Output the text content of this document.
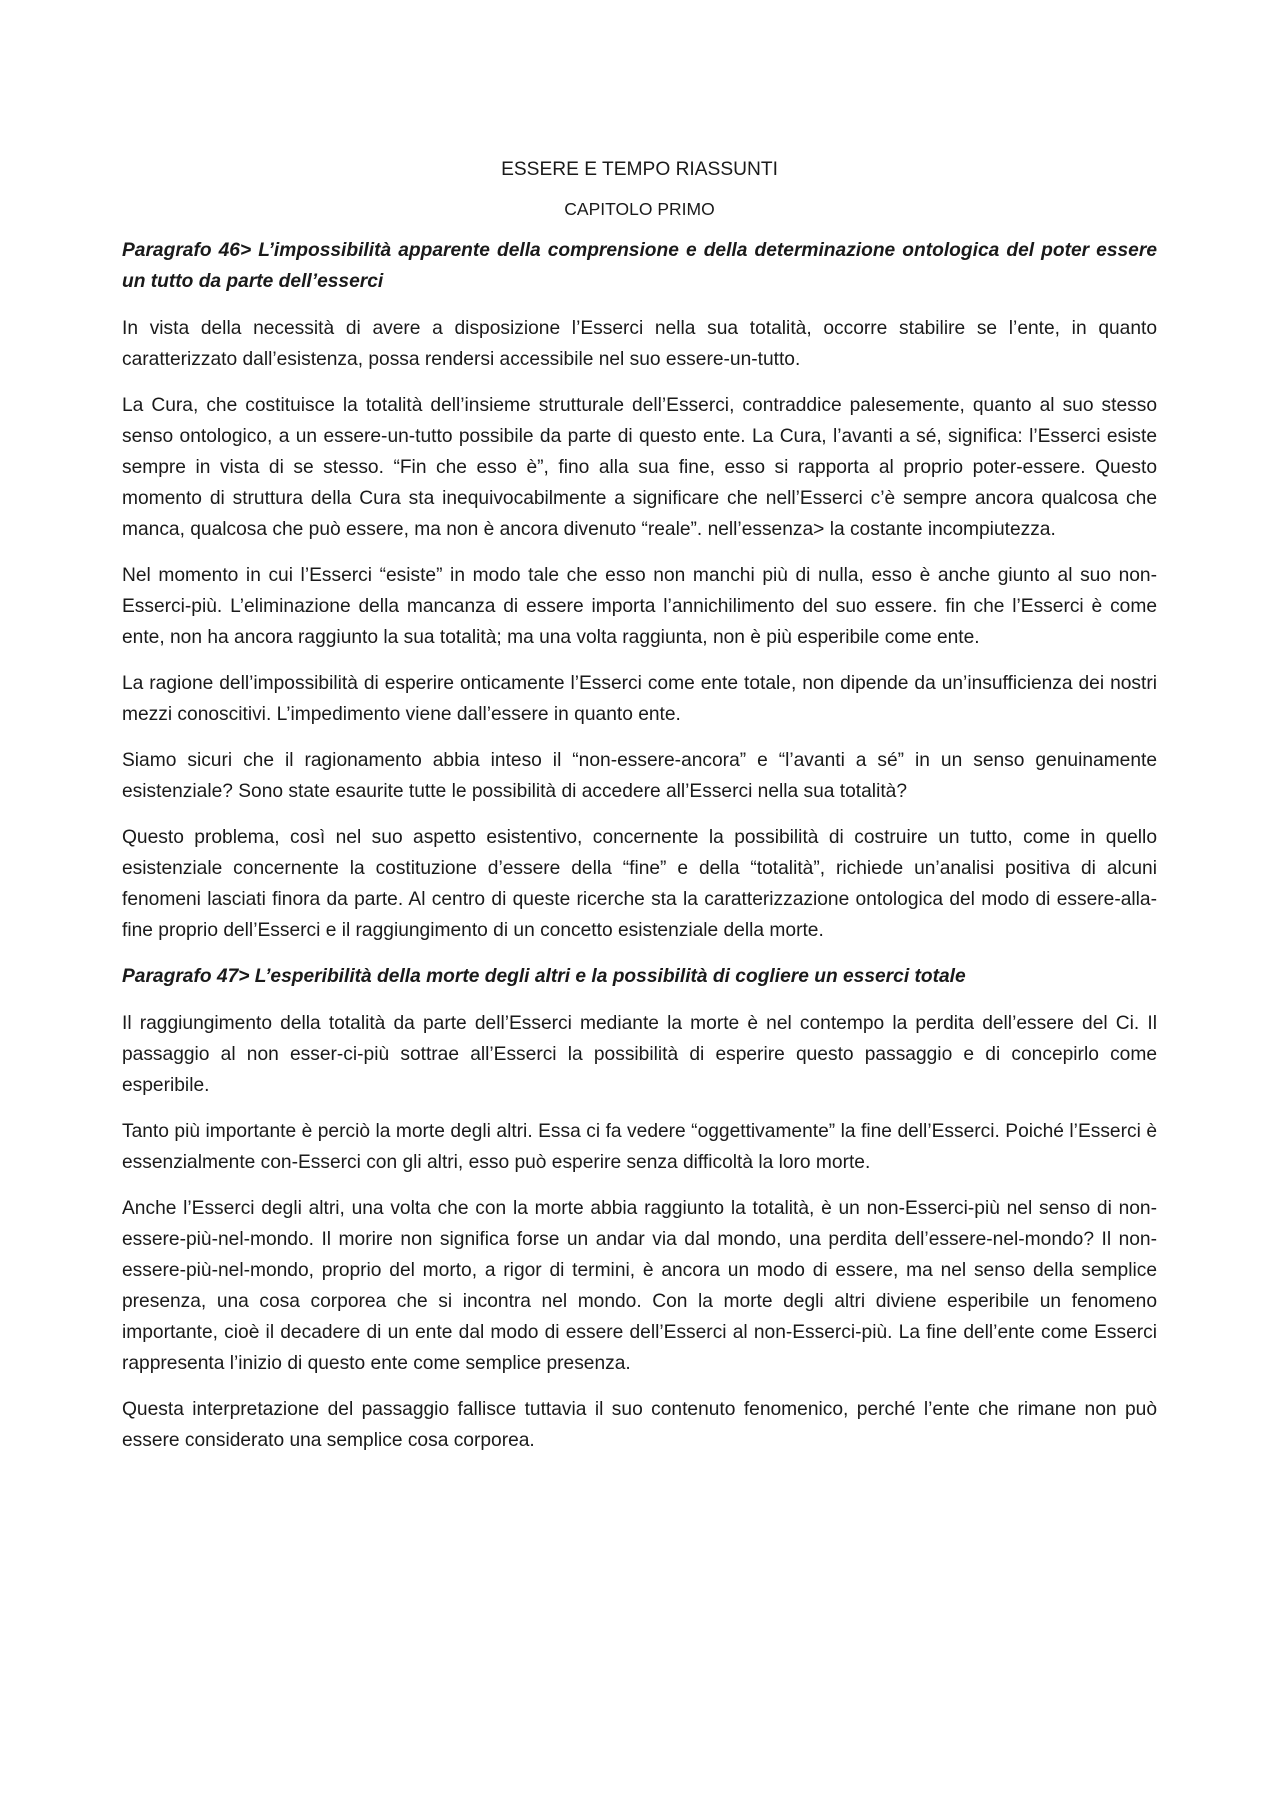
ESSERE E TEMPO RIASSUNTI
CAPITOLO PRIMO
Paragrafo 46> L’impossibilità apparente della comprensione e della determinazione ontologica del poter essere un tutto da parte dell’esserci

In vista della necessità di avere a disposizione l’Esserci nella sua totalità, occorre stabilire se l’ente, in quanto caratterizzato dall’esistenza, possa rendersi accessibile nel suo essere-un-tutto.

La Cura, che costituisce la totalità dell’insieme strutturale dell’Esserci, contraddice palesemente, quanto al suo stesso senso ontologico, a un essere-un-tutto possibile da parte di questo ente. La Cura, l’avanti a sé, significa: l’Esserci esiste sempre in vista di se stesso. “Fin che esso è”, fino alla sua fine, esso si rapporta al proprio poter-essere. Questo momento di struttura della Cura sta inequivocabilmente a significare che nell’Esserci c’è sempre ancora qualcosa che manca, qualcosa che può essere, ma non è ancora divenuto “reale”. nell’essenza> la costante incompiutezza.

Nel momento in cui l’Esserci “esiste” in modo tale che esso non manchi più di nulla, esso è anche giunto al suo non-Esserci-più. L’eliminazione della mancanza di essere importa l’annichilimento del suo essere. fin che l’Esserci è come ente, non ha ancora raggiunto la sua totalità; ma una volta raggiunta, non è più esperibile come ente.

La ragione dell’impossibilità di esperire onticamente l’Esserci come ente totale, non dipende da un’insufficienza dei nostri mezzi conoscitivi. L’impedimento viene dall’essere in quanto ente.

Siamo sicuri che il ragionamento abbia inteso il “non-essere-ancora” e “l’avanti a sé” in un senso genuinamente esistenziale? Sono state esaurite tutte le possibilità di accedere all’Esserci nella sua totalità?

Questo problema, così nel suo aspetto esistentivo, concernente la possibilità di costruire un tutto, come in quello esistenziale concernente la costituzione d’essere della “fine” e della “totalità”, richiede un’analisi positiva di alcuni fenomeni lasciati finora da parte. Al centro di queste ricerche sta la caratterizzazione ontologica del modo di essere-alla-fine proprio dell’Esserci e il raggiungimento di un concetto esistenziale della morte.

Paragrafo 47> L’esperibilità della morte degli altri e la possibilità di cogliere un esserci totale

Il raggiungimento della totalità da parte dell’Esserci mediante la morte è nel contempo la perdita dell’essere del Ci. Il passaggio al non esser-ci-più sottrae all’Esserci la possibilità di esperire questo passaggio e di concepirlo come esperibile.

Tanto più importante è perciò la morte degli altri. Essa ci fa vedere “oggettivamente” la fine dell’Esserci. Poiché l’Esserci è essenzialmente con-Esserci con gli altri, esso può esperire senza difficoltà la loro morte.

Anche l’Esserci degli altri, una volta che con la morte abbia raggiunto la totalità, è un non-Esserci-più nel senso di non-essere-più-nel-mondo. Il morire non significa forse un andar via dal mondo, una perdita dell’essere-nel-mondo? Il non-essere-più-nel-mondo, proprio del morto, a rigor di termini, è ancora un modo di essere, ma nel senso della semplice presenza, una cosa corporea che si incontra nel mondo. Con la morte degli altri diviene esperibile un fenomeno importante, cioè il decadere di un ente dal modo di essere dell’Esserci al non-Esserci-più. La fine dell’ente come Esserci rappresenta l’inizio di questo ente come semplice presenza.

Questa interpretazione del passaggio fallisce tuttavia il suo contenuto fenomenico, perché l’ente che rimane non può essere considerato una semplice cosa corporea.
